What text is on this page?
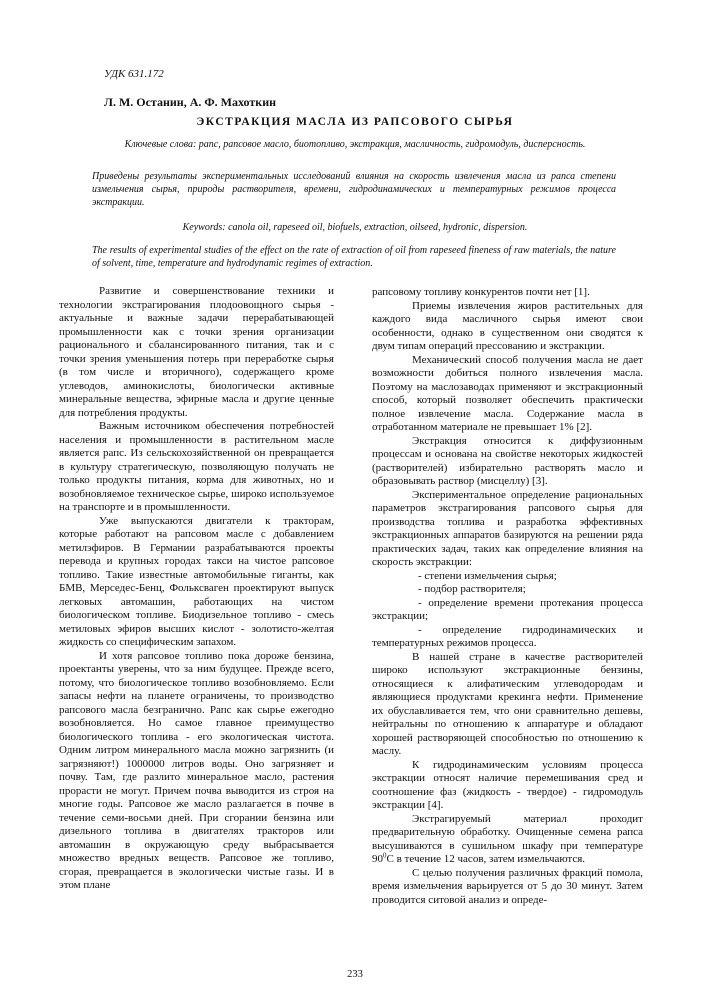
УДК 631.172
Л. М. Останин, А. Ф. Махоткин
ЭКСТРАКЦИЯ МАСЛА ИЗ РАПСОВОГО СЫРЬЯ
Ключевые слова: рапс, рапсовое масло, биотопливо, экстракция, масличность, гидромодуль, дисперсность.
Приведены результаты экспериментальных исследований влияния на скорость извлечения масла из рапса степени измельчения сырья, природы растворителя, времени, гидродинамических и температурных режимов процесса экстракции.
Keywords: canola oil, rapeseed oil, biofuels, extraction, oilseed, hydronic, dispersion.
The results of experimental studies of the effect on the rate of extraction of oil from rapeseed fineness of raw materials, the nature of solvent, time, temperature and hydrodynamic regimes of extraction.

Развитие и совершенствование техники и технологии экстрагирования плодоовощного сырья - актуальные и важные задачи перерабатывающей промышленности как с точки зрения организации рационального и сбалансированного питания, так и с точки зрения уменьшения потерь при переработке сырья (в том числе и вторичного), содержащего кроме углеводов, аминокислоты, биологически активные минеральные вещества, эфирные масла и другие ценные для потребления продукты.

Важным источником обеспечения потребностей населения и промышленности в растительном масле является рапс. Из сельскохозяйственной он превращается в культуру стратегическую, позволяющую получать не только продукты питания, корма для животных, но и возобновляемое техническое сырье, широко используемое на транспорте и в промышленности.

Уже выпускаются двигатели к тракторам, которые работают на рапсовом масле с добавлением метилэфиров. В Германии разрабатываются проекты перевода и крупных городах такси на чистое рапсовое топливо. Такие известные автомобильные гиганты, как БМВ, Мерседес-Бенц, Фольксваген проектируют выпуск легковых автомашин, работающих на чистом биологическом топливе. Биодизельное топливо - смесь метиловых эфиров высших кислот - золотисто-желтая жидкость со специфическим запахом.

И хотя рапсовое топливо пока дороже бензина, проектанты уверены, что за ним будущее. Прежде всего, потому, что биологическое топливо возобновляемо. Если запасы нефти на планете ограничены, то производство рапсового масла безгранично. Рапс как сырье ежегодно возобновляется. Но самое главное преимущество биологического топлива - его экологическая чистота. Одним литром минерального масла можно загрязнить (и загрязняют!) 1000000 литров воды. Оно загрязняет и почву. Там, где разлито минеральное масло, растения прорасти не могут. Причем почва выводится из строя на многие годы. Рапсовое же масло разлагается в почве в течение семи-восьми дней. При сгорании бензина или дизельного топлива в двигателях тракторов или автомашин в окружающую среду выбрасывается множество вредных веществ. Рапсовое же топливо, сгорая, превращается в экологически чистые газы. И в этом плане

рапсовому топливу конкурентов почти нет [1].

Приемы извлечения жиров растительных для каждого вида масличного сырья имеют свои особенности, однако в существенном они сводятся к двум типам операций прессованию и экстракции.

Механический способ получения масла не дает возможности добиться полного извлечения масла. Поэтому на маслозаводах применяют и экстракционный способ, который позволяет обеспечить практически полное извлечение масла. Содержание масла в отработанном материале не превышает 1% [2].

Экстракция относится к диффузионным процессам и основана на свойстве некоторых жидкостей (растворителей) избирательно растворять масло и образовывать раствор (мисцеллу) [3].

Экспериментальное определение рациональных параметров экстрагирования рапсового сырья для производства топлива и разработка эффективных экстракционных аппаратов базируются на решении ряда практических задач, таких как определение влияния на скорость экстракции:

- степени измельчения сырья;

- подбор растворителя;

- определение времени протекания процесса экстракции;

- определение гидродинамических и температурных режимов процесса.

В нашей стране в качестве растворителей широко используют экстракционные бензины, относящиеся к алифатическим углеводородам и являющиеся продуктами крекинга нефти. Применение их обуславливается тем, что они сравнительно дешевы, нейтральны по отношению к аппаратуре и обладают хорошей растворяющей способностью по отношению к маслу.

К гидродинамическим условиям процесса экстракции относят наличие перемешивания сред и соотношение фаз (жидкость - твердое) - гидромодуль экстракции [4].

Экстрагируемый материал проходит предварительную обработку. Очищенные семена рапса высушиваются в сушильном шкафу при температуре $90^0С$ в течение 12 часов, затем измельчаются.

С целью получения различных фракций помола, время измельчения варьируется от 5 до 30 минут. Затем проводится ситовой анализ и опреде-

233
